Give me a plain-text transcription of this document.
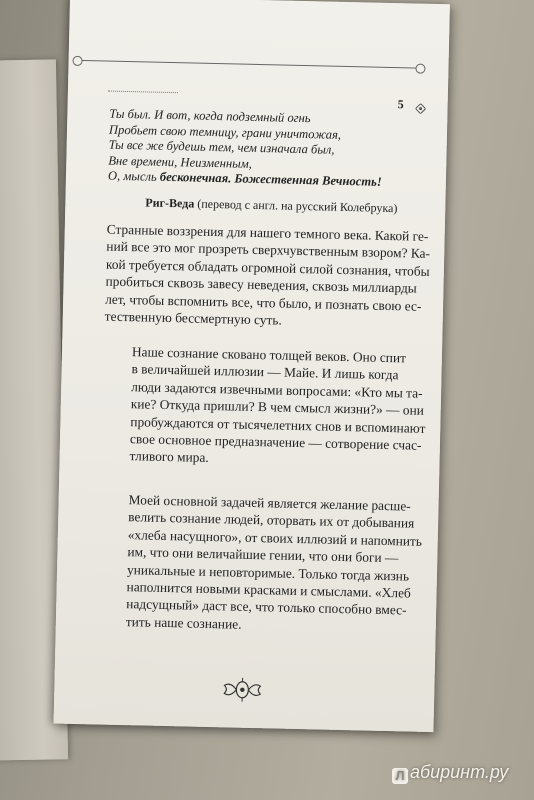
5
Ты был. И вот, когда подземный огнь
Пробьет свою темницу, грани уничтожая,
Ты все же будешь тем, чем изначала был,
Вне времени, Неизменным,
О, мысль бесконечная. Божественная Вечность!
Риг-Веда (перевод с англ. на русский Колебрука)
Странные воззрения для нашего темного века. Какой ге-
ний все это мог прозреть сверхчувственным взором? Ка-
кой требуется обладать огромной силой сознания, чтобы
пробиться сквозь завесу неведения, сквозь миллиарды
лет, чтобы вспомнить все, что было, и познать свою ес-
тественную бессмертную суть.
Наше сознание сковано толщей веков. Оно спит
в величайшей иллюзии — Майе. И лишь когда
люди задаются извечными вопросами: «Кто мы та-
кие? Откуда пришли? В чем смысл жизни?» — они
пробуждаются от тысячелетних снов и вспоминают
свое основное предназначение — сотворение счас-
тливого мира.
Моей основной задачей является желание расше-
велить сознание людей, оторвать их от добывания
«хлеба насущного», от своих иллюзий и напомнить
им, что они величайшие гении, что они боги —
уникальные и неповторимые. Только тогда жизнь
наполнится новыми красками и смыслами. «Хлеб
надсущный» даст все, что только способно вмес-
тить наше сознание.
Л абиринт.ру
